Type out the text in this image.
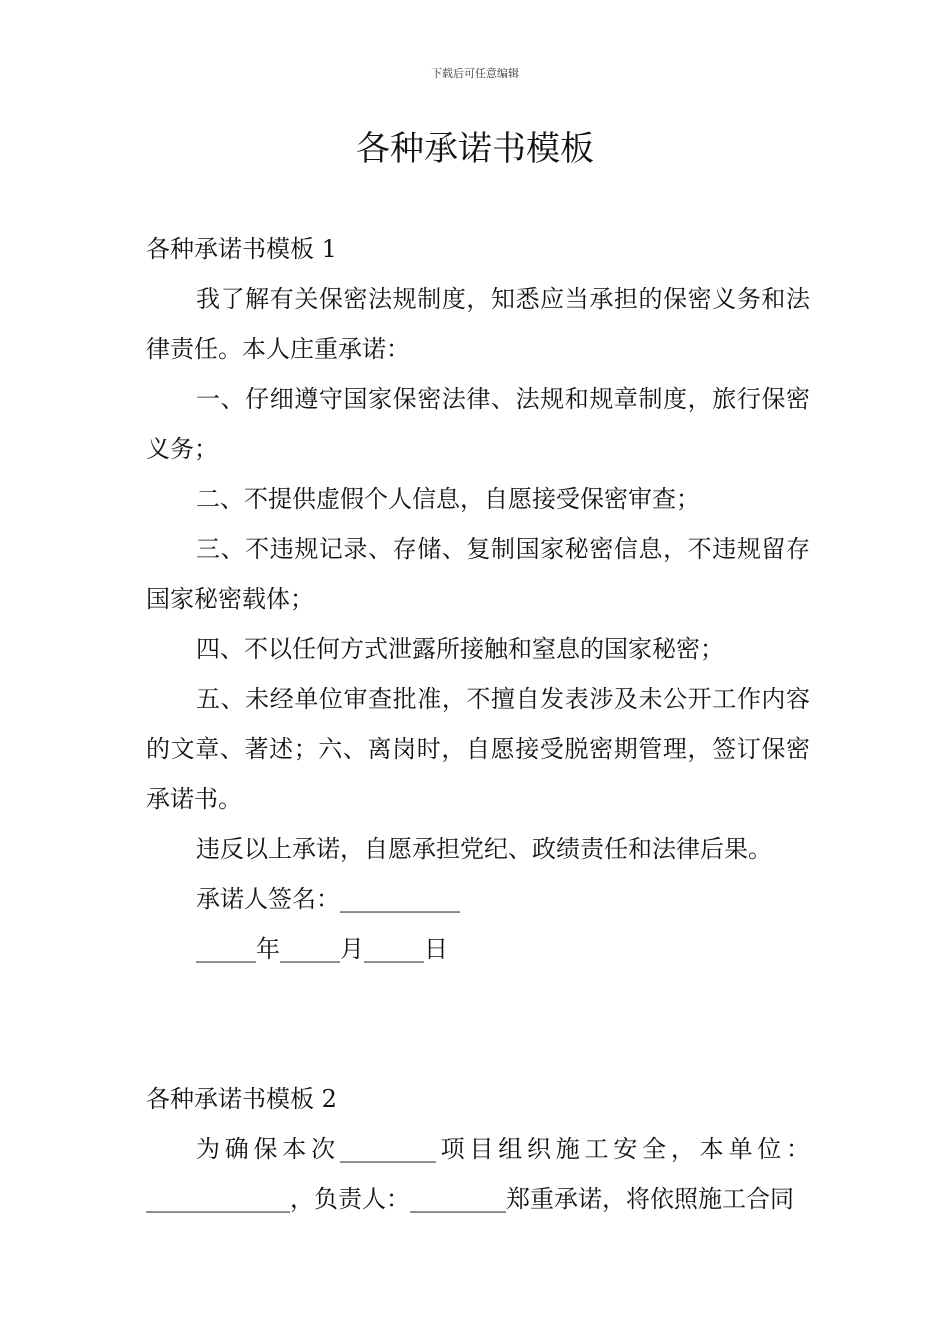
下载后可任意编辑
各种承诺书模板

各种承诺书模板 1

我了解有关保密法规制度，知悉应当承担的保密义务和法律责任。本人庄重承诺：

一、仔细遵守国家保密法律、法规和规章制度，旅行保密义务；

二、不提供虚假个人信息，自愿接受保密审查；

三、不违规记录、存储、复制国家秘密信息，不违规留存国家秘密载体；

四、不以任何方式泄露所接触和窒息的国家秘密；

五、未经单位审查批准，不擅自发表涉及未公开工作内容的文章、著述；六、离岗时，自愿接受脱密期管理，签订保密承诺书。

违反以上承诺，自愿承担党纪、政绩责任和法律后果。

承诺人签名：__________

_____年_____月_____日

各种承诺书模板 2

为确保本次________项目组织施工安全，本单位：____________，负责人：________郑重承诺，将依照施工合同
